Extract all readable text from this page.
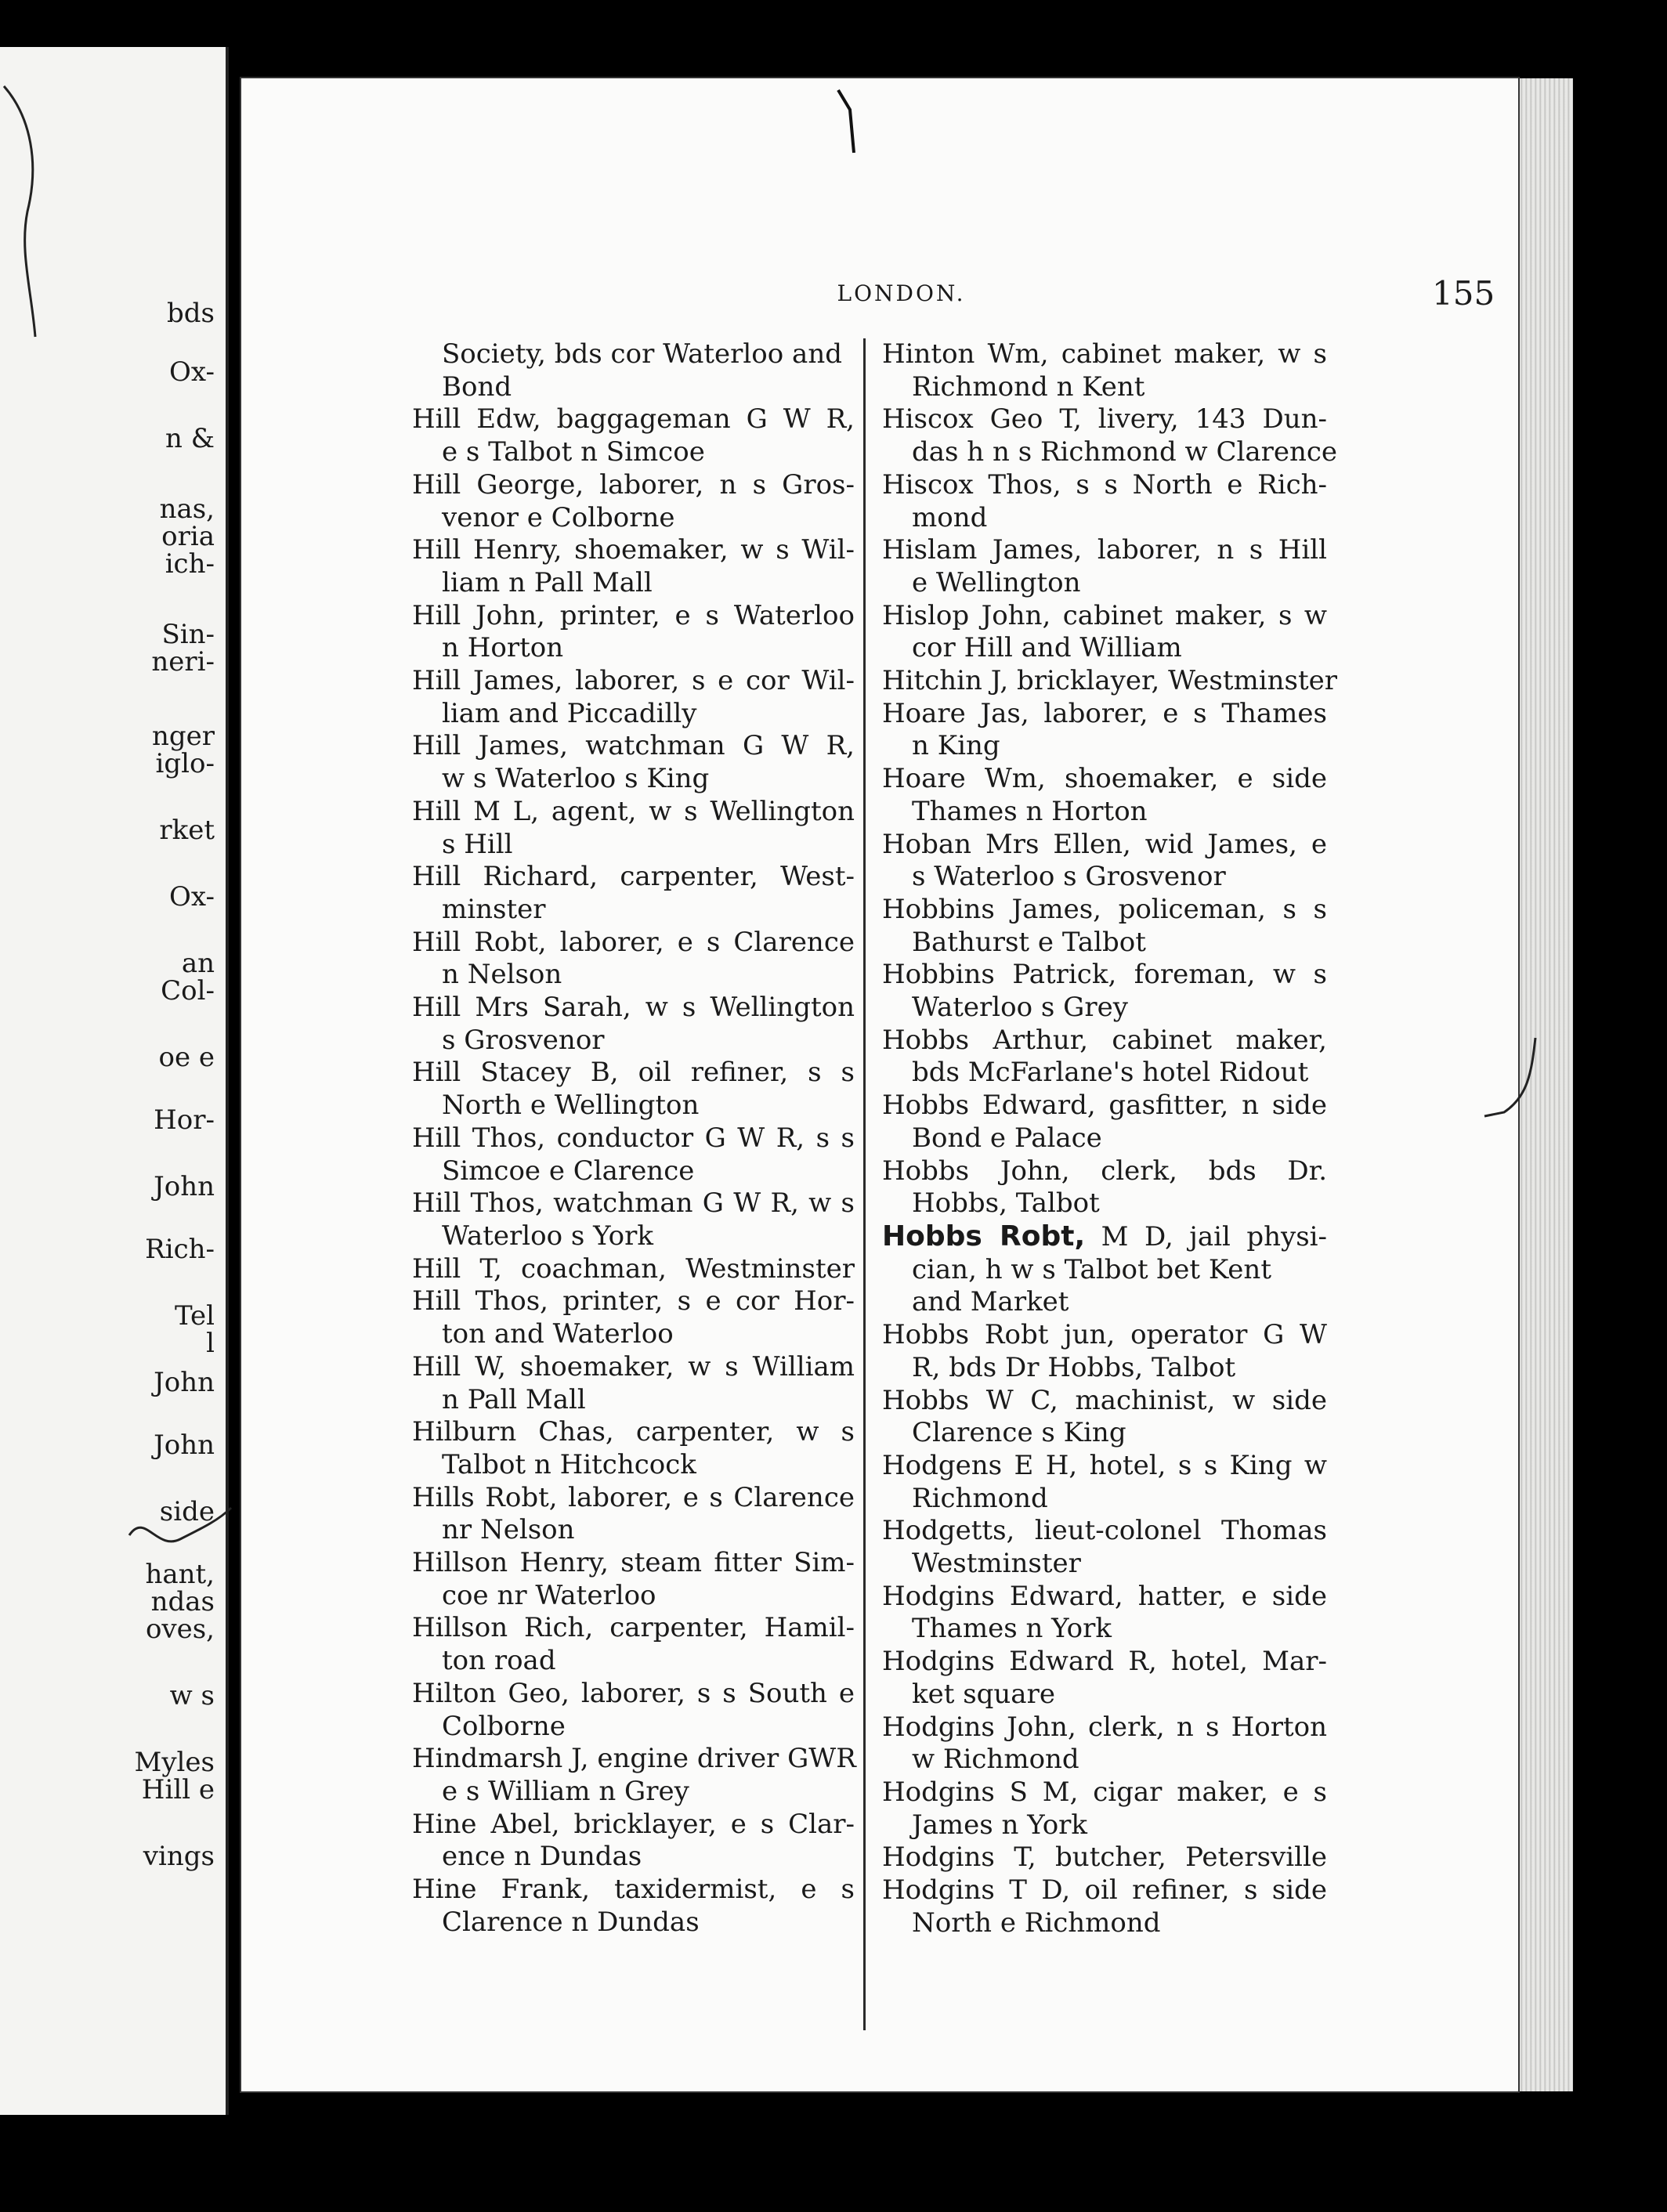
bds
Ox-
n &
nas,
oria
ich-
Sin-
neri-
nger
iglo-
rket
Ox-
an
Col-
oe e
Hor-
John
Rich-
Tel
l
John
John
side
hant,
ndas
oves,
w s
Myles
Hill e
vings
LONDON.	155
Society, bds cor Waterloo and
Bond
Hill Edw, baggageman G W R,
e s Talbot n Simcoe
Hill George, laborer, n s Gros-
venor e Colborne
Hill Henry, shoemaker, w s Wil-
liam n Pall Mall
Hill John, printer, e s Waterloo
n Horton
Hill James, laborer, s e cor Wil-
liam and Piccadilly
Hill James, watchman G W R,
w s Waterloo s King
Hill M L, agent, w s Wellington
s Hill
Hill Richard, carpenter, West-
minster
Hill Robt, laborer, e s Clarence
n Nelson
Hill Mrs Sarah, w s Wellington
s Grosvenor
Hill Stacey B, oil refiner, s s
North e Wellington
Hill Thos, conductor G W R, s s
Simcoe e Clarence
Hill Thos, watchman G W R, w s
Waterloo s York
Hill T, coachman, Westminster
Hill Thos, printer, s e cor Hor-
ton and Waterloo
Hill W, shoemaker, w s William
n Pall Mall
Hilburn Chas, carpenter, w s
Talbot n Hitchcock
Hills Robt, laborer, e s Clarence
nr Nelson
Hillson Henry, steam fitter Sim-
coe nr Waterloo
Hillson Rich, carpenter, Hamil-
ton road
Hilton Geo, laborer, s s South e
Colborne
Hindmarsh J, engine driver GWR
e s William n Grey
Hine Abel, bricklayer, e s Clar-
ence n Dundas
Hine Frank, taxidermist, e s
Clarence n Dundas
Hinton Wm, cabinet maker, w s
Richmond n Kent
Hiscox Geo T, livery, 143 Dun-
das h n s Richmond w Clarence
Hiscox Thos, s s North e Rich-
mond
Hislam James, laborer, n s Hill
e Wellington
Hislop John, cabinet maker, s w
cor Hill and William
Hitchin J, bricklayer, Westminster
Hoare Jas, laborer, e s Thames
n King
Hoare Wm, shoemaker, e side
Thames n Horton
Hoban Mrs Ellen, wid James, e
s Waterloo s Grosvenor
Hobbins James, policeman, s s
Bathurst e Talbot
Hobbins Patrick, foreman, w s
Waterloo s Grey
Hobbs Arthur, cabinet maker,
bds McFarlane's hotel Ridout
Hobbs Edward, gasfitter, n side
Bond e Palace
Hobbs John, clerk, bds Dr.
Hobbs, Talbot
Hobbs Robt, M D, jail physi-
cian, h w s Talbot bet Kent
and Market
Hobbs Robt jun, operator G W
R, bds Dr Hobbs, Talbot
Hobbs W C, machinist, w side
Clarence s King
Hodgens E H, hotel, s s King w
Richmond
Hodgetts, lieut-colonel Thomas
Westminster
Hodgins Edward, hatter, e side
Thames n York
Hodgins Edward R, hotel, Mar-
ket square
Hodgins John, clerk, n s Horton
w Richmond
Hodgins S M, cigar maker, e s
James n York
Hodgins T, butcher, Petersville
Hodgins T D, oil refiner, s side
North e Richmond
